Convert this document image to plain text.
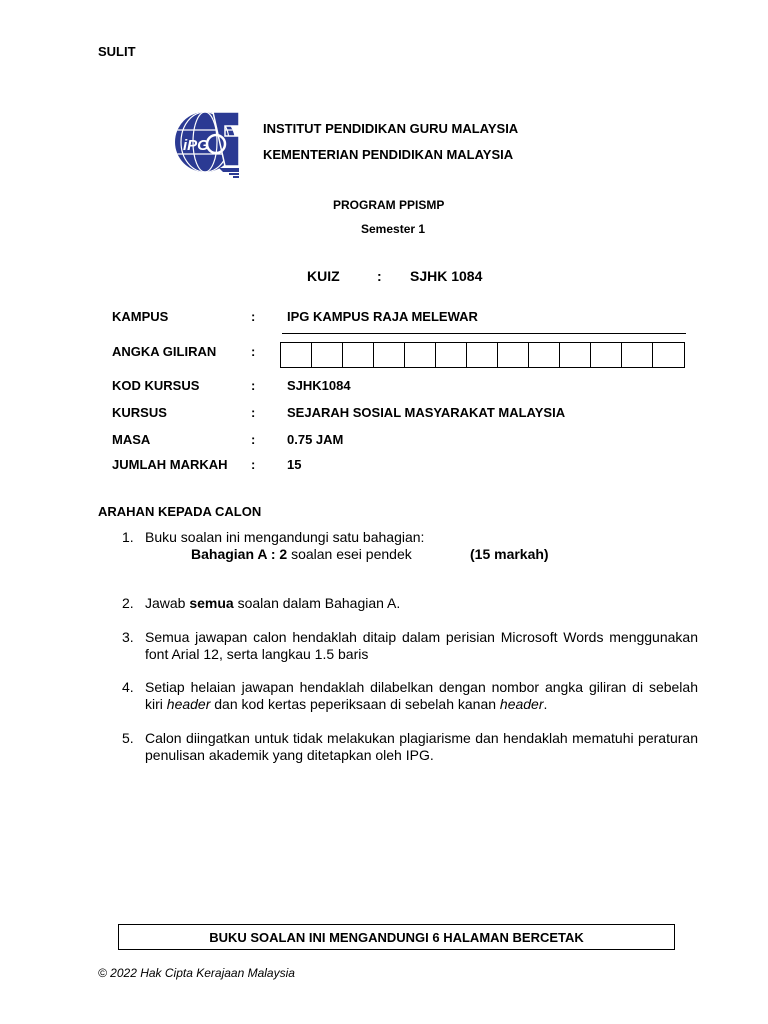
SULIT
iPG
INSTITUT PENDIDIKAN GURU MALAYSIA
KEMENTERIAN PENDIDIKAN MALAYSIA
PROGRAM PPISMP
Semester 1
KUIZ	: SJHK 1084
KAMPUS	: IPG KAMPUS RAJA MELEWAR
ANGKA GILIRAN	:
KOD KURSUS	: SJHK1084
KURSUS	: SEJARAH SOSIAL MASYARAKAT MALAYSIA
MASA	: 0.75 JAM
JUMLAH MARKAH : 15
ARAHAN KEPADA CALON
1. Buku soalan ini mengandungi satu bahagian:
Bahagian A : 2 soalan esei pendek	(15 markah)
2. Jawab semua soalan dalam Bahagian A.
3. Semua jawapan calon hendaklah ditaip dalam perisian Microsoft Words menggunakan font Arial 12, serta langkau 1.5 baris
4. Setiap helaian jawapan hendaklah dilabelkan dengan nombor angka giliran di sebelah kiri header dan kod kertas peperiksaan di sebelah kanan header.
5. Calon diingatkan untuk tidak melakukan plagiarisme dan hendaklah mematuhi peraturan penulisan akademik yang ditetapkan oleh IPG.
BUKU SOALAN INI MENGANDUNGI 6 HALAMAN BERCETAK
© 2022 Hak Cipta Kerajaan Malaysia
